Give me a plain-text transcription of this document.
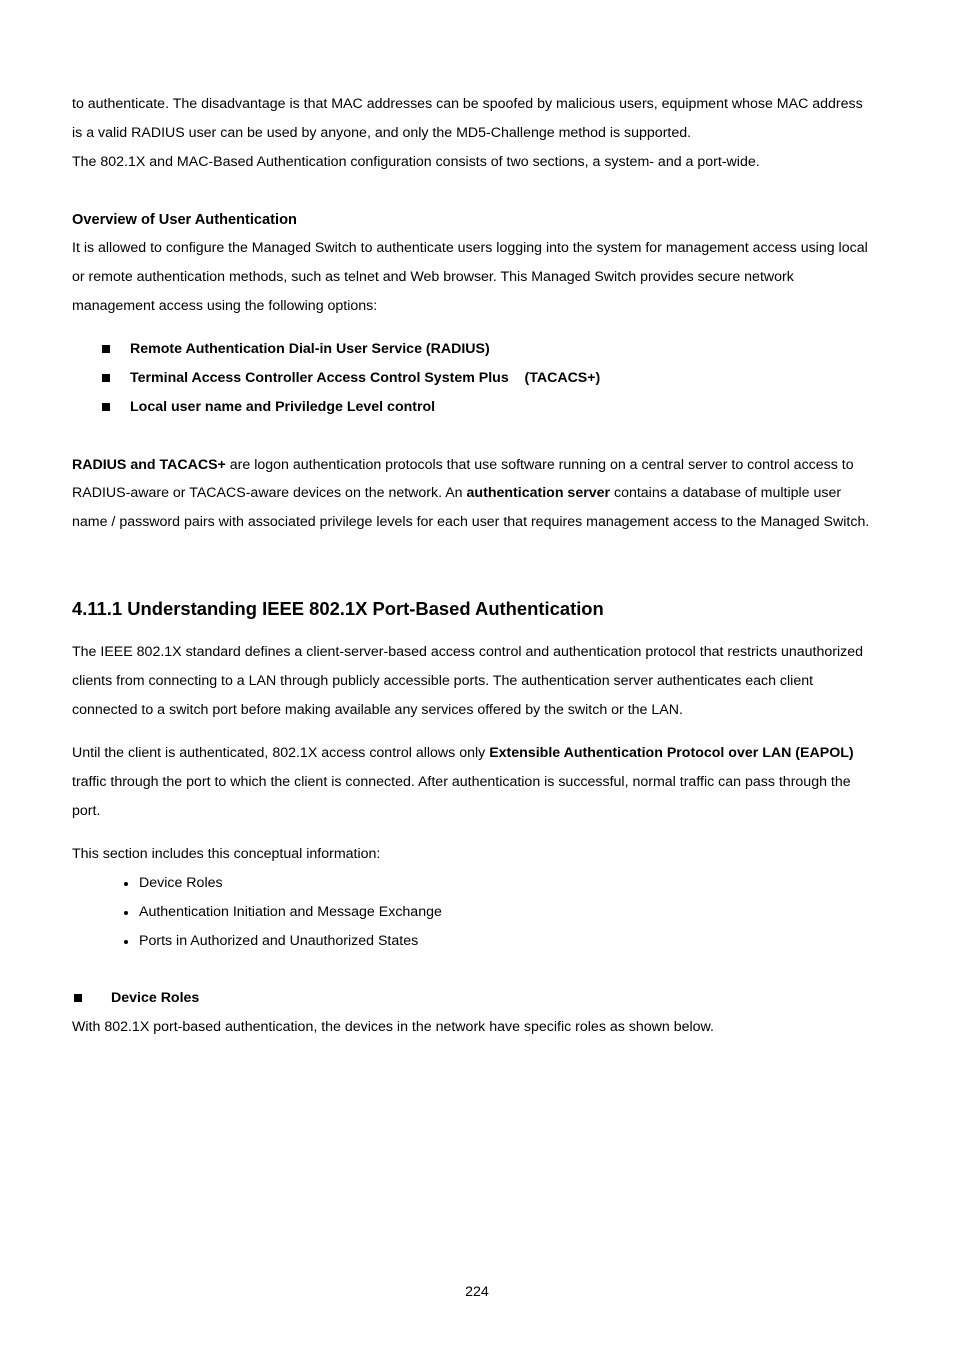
to authenticate. The disadvantage is that MAC addresses can be spoofed by malicious users, equipment whose MAC address
is a valid RADIUS user can be used by anyone, and only the MD5-Challenge method is supported.
The 802.1X and MAC-Based Authentication configuration consists of two sections, a system- and a port-wide.
Overview of User Authentication
It is allowed to configure the Managed Switch to authenticate users logging into the system for management access using local
or remote authentication methods, such as telnet and Web browser. This Managed Switch provides secure network
management access using the following options:
Remote Authentication Dial-in User Service (RADIUS)
Terminal Access Controller Access Control System Plus    (TACACS+)
Local user name and Priviledge Level control
RADIUS and TACACS+ are logon authentication protocols that use software running on a central server to control access to
RADIUS-aware or TACACS-aware devices on the network. An authentication server contains a database of multiple user
name / password pairs with associated privilege levels for each user that requires management access to the Managed Switch.
4.11.1 Understanding IEEE 802.1X Port-Based Authentication
The IEEE 802.1X standard defines a client-server-based access control and authentication protocol that restricts unauthorized
clients from connecting to a LAN through publicly accessible ports. The authentication server authenticates each client
connected to a switch port before making available any services offered by the switch or the LAN.
Until the client is authenticated, 802.1X access control allows only Extensible Authentication Protocol over LAN (EAPOL)
traffic through the port to which the client is connected. After authentication is successful, normal traffic can pass through the
port.
This section includes this conceptual information:
Device Roles
Authentication Initiation and Message Exchange
Ports in Authorized and Unauthorized States
Device Roles
With 802.1X port-based authentication, the devices in the network have specific roles as shown below.
224
